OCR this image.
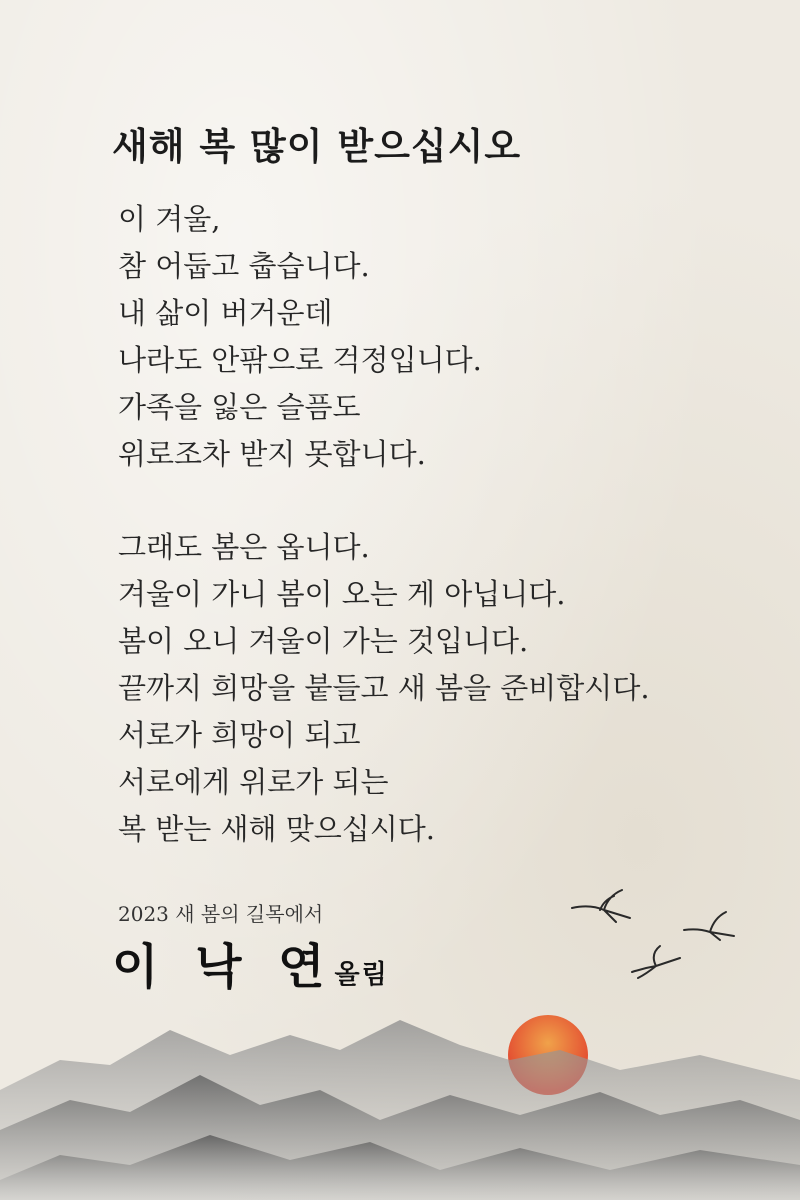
새해 복 많이 받으십시오
이 겨울,
참 어둡고 춥습니다.
내 삶이 버거운데
나라도 안팎으로 걱정입니다.
가족을 잃은 슬픔도
위로조차 받지 못합니다.
그래도 봄은 옵니다.
겨울이 가니 봄이 오는 게 아닙니다.
봄이 오니 겨울이 가는 것입니다.
끝까지 희망을 붙들고 새 봄을 준비합시다.
서로가 희망이 되고
서로에게 위로가 되는
복 받는 새해 맞으십시다.

2023 새 봄의 길목에서

이 낙 연올림
